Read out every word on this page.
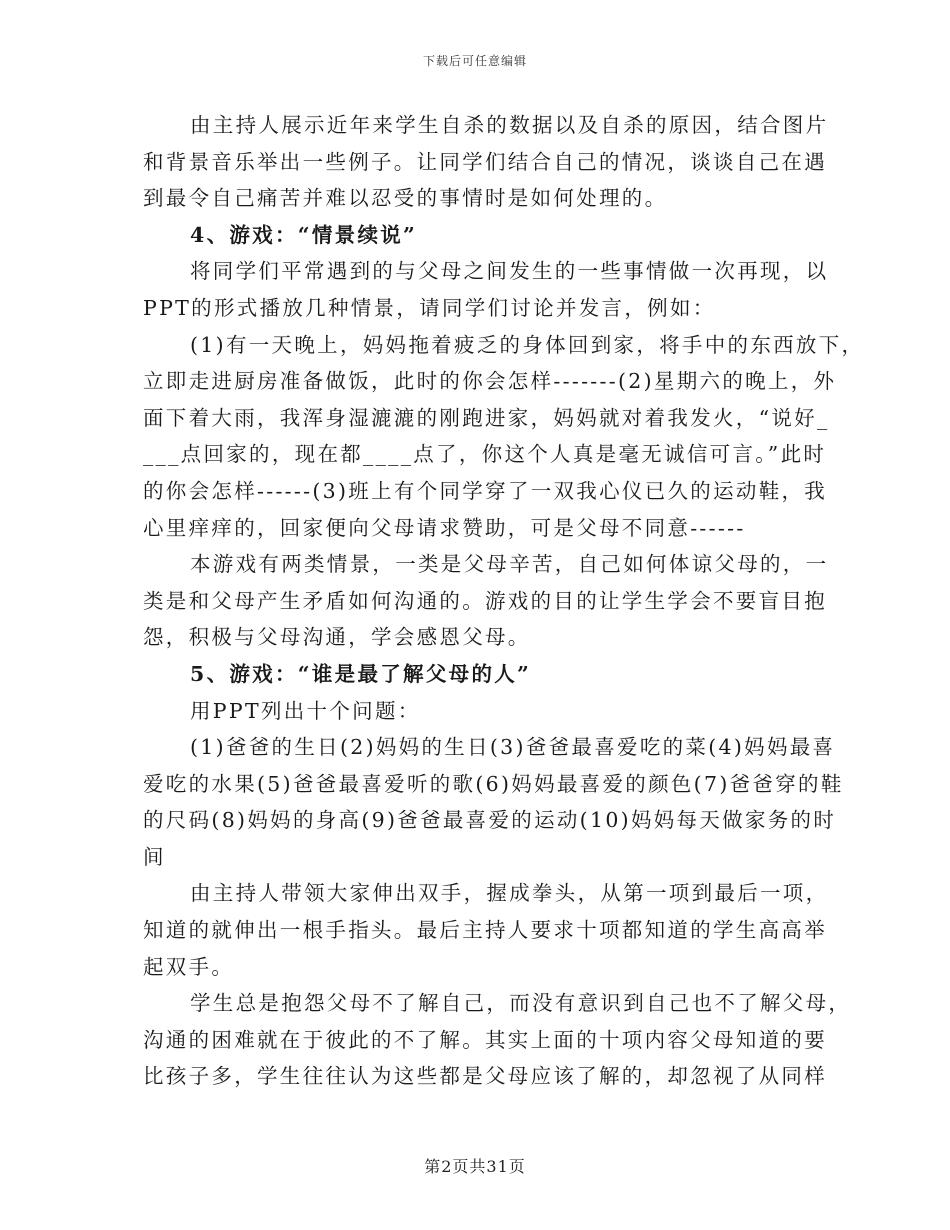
下载后可任意编辑
由主持人展示近年来学生自杀的数据以及自杀的原因，结合图片
和背景音乐举出一些例子。让同学们结合自己的情况，谈谈自己在遇
到最令自己痛苦并难以忍受的事情时是如何处理的。
4、游戏：“情景续说”
将同学们平常遇到的与父母之间发生的一些事情做一次再现，以
PPT的形式播放几种情景，请同学们讨论并发言，例如：
(1)有一天晚上，妈妈拖着疲乏的身体回到家，将手中的东西放下，
立即走进厨房准备做饭，此时的你会怎样-------(2)星期六的晚上，外
面下着大雨，我浑身湿漉漉的刚跑进家，妈妈就对着我发火，“说好_
___点回家的，现在都____点了，你这个人真是毫无诚信可言。”此时
的你会怎样------(3)班上有个同学穿了一双我心仪已久的运动鞋，我
心里痒痒的，回家便向父母请求赞助，可是父母不同意------
本游戏有两类情景，一类是父母辛苦，自己如何体谅父母的，一
类是和父母产生矛盾如何沟通的。游戏的目的让学生学会不要盲目抱
怨，积极与父母沟通，学会感恩父母。
5、游戏：“谁是最了解父母的人”
用PPT列出十个问题：
(1)爸爸的生日(2)妈妈的生日(3)爸爸最喜爱吃的菜(4)妈妈最喜
爱吃的水果(5)爸爸最喜爱听的歌(6)妈妈最喜爱的颜色(7)爸爸穿的鞋
的尺码(8)妈妈的身高(9)爸爸最喜爱的运动(10)妈妈每天做家务的时
间
由主持人带领大家伸出双手，握成拳头，从第一项到最后一项，
知道的就伸出一根手指头。最后主持人要求十项都知道的学生高高举
起双手。
学生总是抱怨父母不了解自己，而没有意识到自己也不了解父母，
沟通的困难就在于彼此的不了解。其实上面的十项内容父母知道的要
比孩子多，学生往往认为这些都是父母应该了解的，却忽视了从同样
第2页共31页
